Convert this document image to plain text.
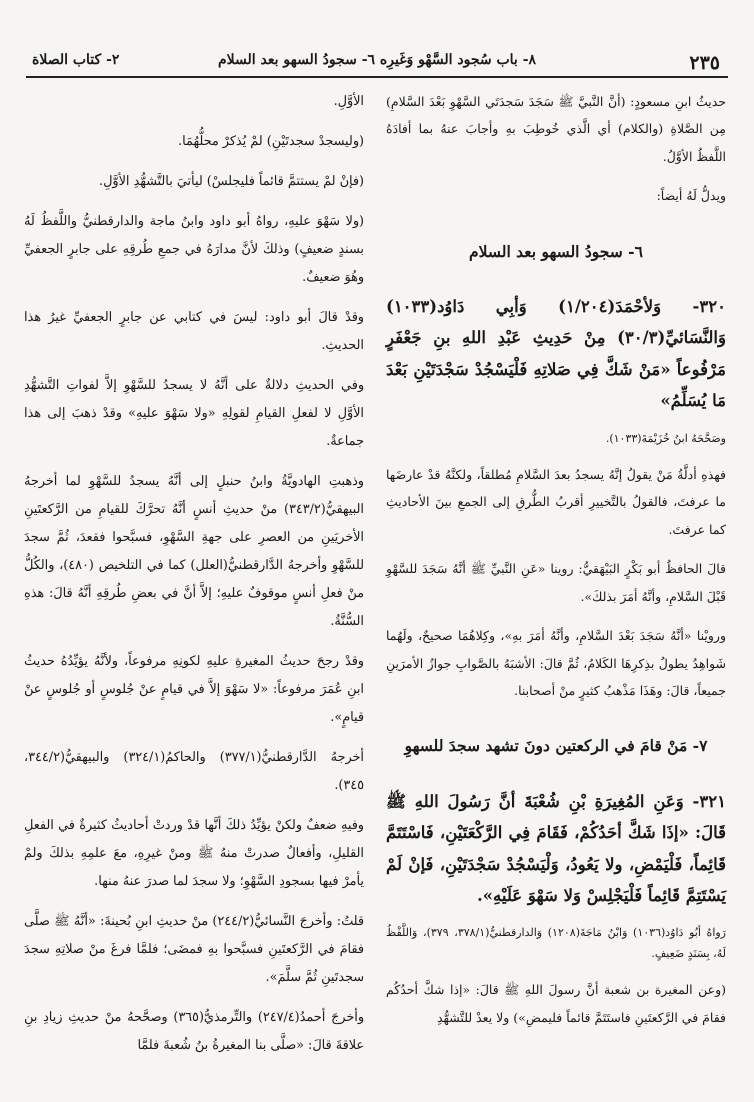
٢٣٥
٨- باب سُجود السَّهْو وَغَيرِه ٦- سجودُ السهو بعد السلام
٢- كتاب الصلاة

حديثُ ابنِ مسعودٍ: (أنَّ النَّبيَّ ﷺ سَجَدَ سَجدَتَي السَّهْوِ بَعْدَ السَّلامِ) مِن الصَّلاةِ (والكلام) أي الَّذي خُوطِبَ بهِ وأجابَ عنهُ بما أفادَهُ اللَّفظُ الأوَّلُ.

ويدلُّ لَهُ أيضاً:

٦- سجودُ السهو بعد السلام

٣٢٠- وَلأحْمَدَ(١/٢٠٤) وَأبِي دَاوُد(١٠٣٣) وَالنَّسَائيِّ(٣٠/٣) مِنْ حَدِيثِ عَبْدِ اللهِ بنِ جَعْفَرٍ مَرْفُوعاً «مَنْ شَكَّ فِي صَلاتِهِ فَلْيَسْجُدْ سَجْدَتَيْنِ بَعْدَ مَا يُسَلِّمُ»

وصَحَّحَهُ ابنُ خُزَيْمَةَ(١٠٣٣).

فهذهِ أدلَّةُ مَنْ يقولُ إنَّهُ يسجدُ بعدَ السَّلامِ مُطلقاً، ولكنَّهُ قدْ عارضَها ما عرفتَ، فالقولُ بالتَّخييرِ أقربُ الطُّرقِ إلى الجمعِ بينَ الأحاديثِ كما عرفتَ.

قالَ الحافظُ أبو بَكْرٍ البَيْهَقيُّ: روينا «عَنِ النَّبيِّ ﷺ أنَّهُ سَجَدَ للسَّهْوِ قَبْلَ السَّلامِ، وأنَّهُ أمَرَ بذلكَ».

ورويْنا «أنَّهُ سَجَدَ بَعْدَ السَّلامِ، وأنَّهُ أمَرَ بهِ»، وكِلاهُمَا صحيحٌ، ولَهُما شَواهِدُ يطولُ بذِكرِهَا الكَلامُ، ثُمَّ قالَ: الأشبَهُ بالصَّوابِ جوازُ الأمرَينِ جميعاً، قالَ: وهَذَا مَذْهبُ كثيرٍ منْ أصحابنا.

٧- مَنْ قامَ في الركعتين دونَ تشهد سجدَ للسهوِ

٣٢١- وَعَنِ المُغِيرَةِ بْنِ شُعْبَةَ أنَّ رَسُولَ اللهِ ﷺ قَالَ: «إذَا شَكَّ أحَدُكُمْ، فَقَامَ فِي الرَّكْعَتَيْنِ، فَاسْتَتَمَّ قَائِماً، فَلْيَمْضِ، ولا يَعُودُ، وَلْيَسْجُدْ سَجْدَتَيْنِ، فَإنْ لَمْ يَسْتَتِمَّ قَائِماً فَلْيَجْلِسْ وَلا سَهْوَ عَلَيْهِ».

رَواهُ أبُو دَاوُد(١٠٣٦) وَابْنُ مَاجَةَ(١٢٠٨) وَالدارقطنيُّ(٣٧٨/١، ٣٧٩)، وَاللَّفْظُ لَهُ، بِسَنَدٍ ضَعِيفٍ.

(وعن المغيرة بن شعبة أنَّ رسولَ اللهِ ﷺ قالَ: «إذا شكَّ أحدُكُم فقامَ في الرَّكعتَينِ فاستَتَمَّ قائماً فليمضِ») ولا يعدْ للتَّشهُّدِ

الأوَّلِ.

(وليسجدْ سجدتَيْنِ) لمْ يُذكرْ محلُّهُمَا.

(فإنْ لمْ يستتمَّ قائماً فليجلسْ) ليأتيَ بالتَّشهُّدِ الأوَّلِ.

(ولا سَهْوَ عليهِ، رواهُ أبو داود وابنُ ماجة والدارقطنيُّ واللَّفظُ لَهُ بسندٍ ضعيفٍ) وذلكَ لأنَّ مدارَهُ في جمعِ طُرقِهِ على جابرٍ الجعفيِّ وهُوَ ضعيفٌ.

وقدْ قالَ أبو داود: ليسَ في كتابي عن جابرٍ الجعفيِّ غيرُ هذا الحديثِ.

وفي الحديثِ دلالةٌ على أنَّهُ لا يسجدُ للسَّهْوِ إلاَّ لفواتِ التَّشهُّدِ الأوَّلِ لا لفعلِ القيامِ لقولِهِ «ولا سَهْوَ عليهِ» وقدْ ذهبَ إلى هذا جماعةٌ.

وذهبتِ الهادويَّةُ وابنُ حنبلٍ إلى أنَّهُ يسجدُ للسَّهْوِ لما أخرجهُ البيهقيُّ(٣٤٣/٢) منْ حديثِ أنسٍ أنَّهُ تحرَّكَ للقيامِ من الرَّكعتَينِ الأخريَينِ من العصرِ على جهةِ السَّهْوِ، فسبَّحوا فقعدَ، ثُمَّ سجدَ للسَّهْوِ وأخرجهُ الدَّارقطنيُّ(العلل) كما في التلخيص (٤٨٠)، والكُلُّ منْ فعلِ أنسٍ موقوفٌ عليهِ؛ إلاَّ أنَّ في بعضِ طُرقِهِ أنَّهُ قالَ: هذهِ السُّنَّةُ.

وقدْ رجحَ حديثُ المغيرةِ عليهِ لكونِهِ مرفوعاً، ولأنَّهُ يؤيِّدُهُ حديثُ ابنِ عُمَرَ مرفوعاً: «لا سَهْوَ إلاَّ في قيامٍ عنْ جُلوسٍ أو جُلوسٍ عنْ قيامٍ».

أخرجهُ الدَّارقطنيُّ(٣٧٧/١) والحاكمُ(٣٢٤/١) والبيهقيُّ(٣٤٤/٢، ٣٤٥).

وفيهِ ضعفٌ ولكنْ يؤيِّدُ ذلكَ أنَّها قدْ وردتْ أحاديثُ كثيرةٌ في الفعلِ القليلِ، وأفعالٌ صدرتْ منهُ ﷺ ومنْ غيرِهِ، معَ علمِهِ بذلكَ ولمْ يأمرْ فيها بسجودِ السَّهْوِ؛ ولا سجدَ لما صدرَ عنهُ منها.

قلتُ: وأخرجَ النَّسائيُّ(٢٤٤/٢) منْ حديثِ ابنِ بُحينةَ: «أنَّهُ ﷺ صلَّى فقامَ في الرَّكعتَينِ فسبَّحوا بهِ فمضَى؛ فلمَّا فرغَ منْ صلاتِهِ سجدَ سجدتَينِ ثُمَّ سلَّمَ».

وأخرجَ أحمدُ(٢٤٧/٤) والتِّرمذيُّ(٣٦٥) وصحَّحهُ منْ حديثِ زيادِ بنِ علاقةَ قالَ: «صلَّى بنا المغيرةُ بنُ شُعبةَ فلمَّا
